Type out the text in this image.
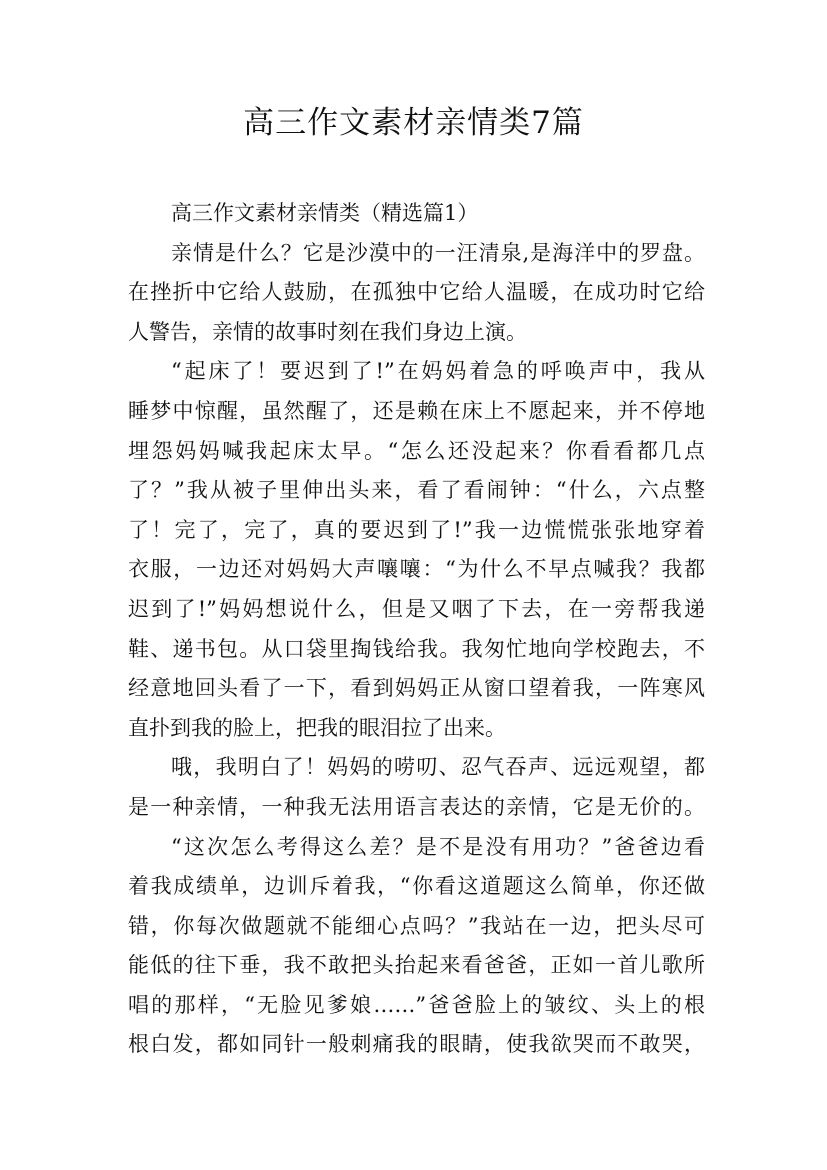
高三作文素材亲情类7篇
高三作文素材亲情类（精选篇1）
亲情是什么？它是沙漠中的一汪清泉,是海洋中的罗盘。
在挫折中它给人鼓励，在孤独中它给人温暖，在成功时它给
人警告，亲情的故事时刻在我们身边上演。
“起床了！要迟到了!”在妈妈着急的呼唤声中，我从
睡梦中惊醒，虽然醒了，还是赖在床上不愿起来，并不停地
埋怨妈妈喊我起床太早。“怎么还没起来？你看看都几点
了？”我从被子里伸出头来，看了看闹钟：“什么，六点整
了！完了，完了，真的要迟到了!”我一边慌慌张张地穿着
衣服，一边还对妈妈大声嚷嚷：“为什么不早点喊我？我都
迟到了!”妈妈想说什么，但是又咽了下去，在一旁帮我递
鞋、递书包。从口袋里掏钱给我。我匆忙地向学校跑去，不
经意地回头看了一下，看到妈妈正从窗口望着我，一阵寒风
直扑到我的脸上，把我的眼泪拉了出来。
哦，我明白了！妈妈的唠叨、忍气吞声、远远观望，都
是一种亲情，一种我无法用语言表达的亲情，它是无价的。
“这次怎么考得这么差？是不是没有用功？”爸爸边看
着我成绩单，边训斥着我，“你看这道题这么简单，你还做
错，你每次做题就不能细心点吗？”我站在一边，把头尽可
能低的往下垂，我不敢把头抬起来看爸爸，正如一首儿歌所
唱的那样，“无脸见爹娘……”爸爸脸上的皱纹、头上的根
根白发，都如同针一般刺痛我的眼睛，使我欲哭而不敢哭，
